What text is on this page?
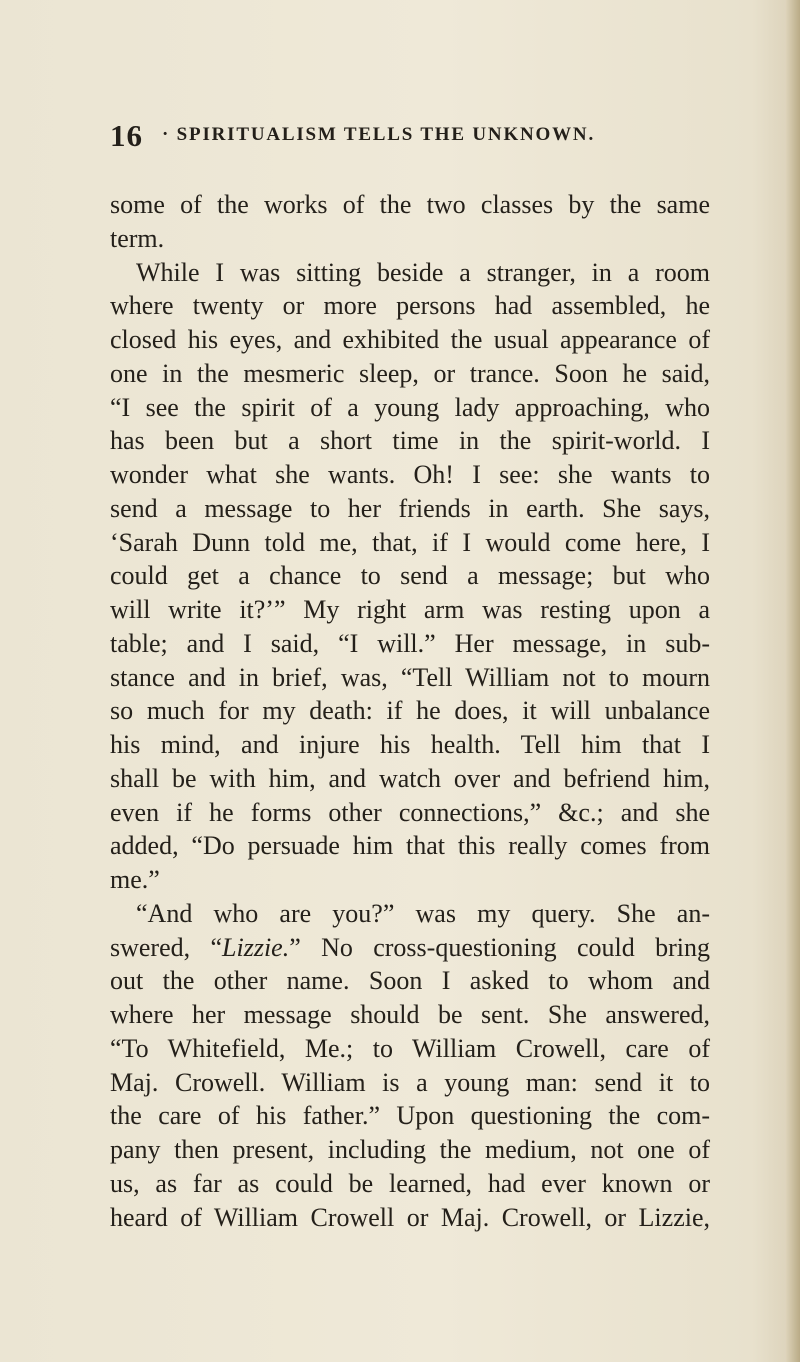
16 · SPIRITUALISM TELLS THE UNKNOWN.
some of the works of the two classes by the same
term.
While I was sitting beside a stranger, in a room
where twenty or more persons had assembled, he
closed his eyes, and exhibited the usual appearance of
one in the mesmeric sleep, or trance. Soon he said,
“I see the spirit of a young lady approaching, who
has been but a short time in the spirit-world. I
wonder what she wants. Oh! I see: she wants to
send a message to her friends in earth. She says,
‘Sarah Dunn told me, that, if I would come here, I
could get a chance to send a message; but who
will write it?’” My right arm was resting upon a
table; and I said, “I will.” Her message, in sub-
stance and in brief, was, “Tell William not to mourn
so much for my death: if he does, it will unbalance
his mind, and injure his health. Tell him that I
shall be with him, and watch over and befriend him,
even if he forms other connections,” &c.; and she
added, “Do persuade him that this really comes from
me.”
“And who are you?” was my query. She an-
swered, “Lizzie.” No cross-questioning could bring
out the other name. Soon I asked to whom and
where her message should be sent. She answered,
“To Whitefield, Me.; to William Crowell, care of
Maj. Crowell. William is a young man: send it to
the care of his father.” Upon questioning the com-
pany then present, including the medium, not one of
us, as far as could be learned, had ever known or
heard of William Crowell or Maj. Crowell, or Lizzie,
